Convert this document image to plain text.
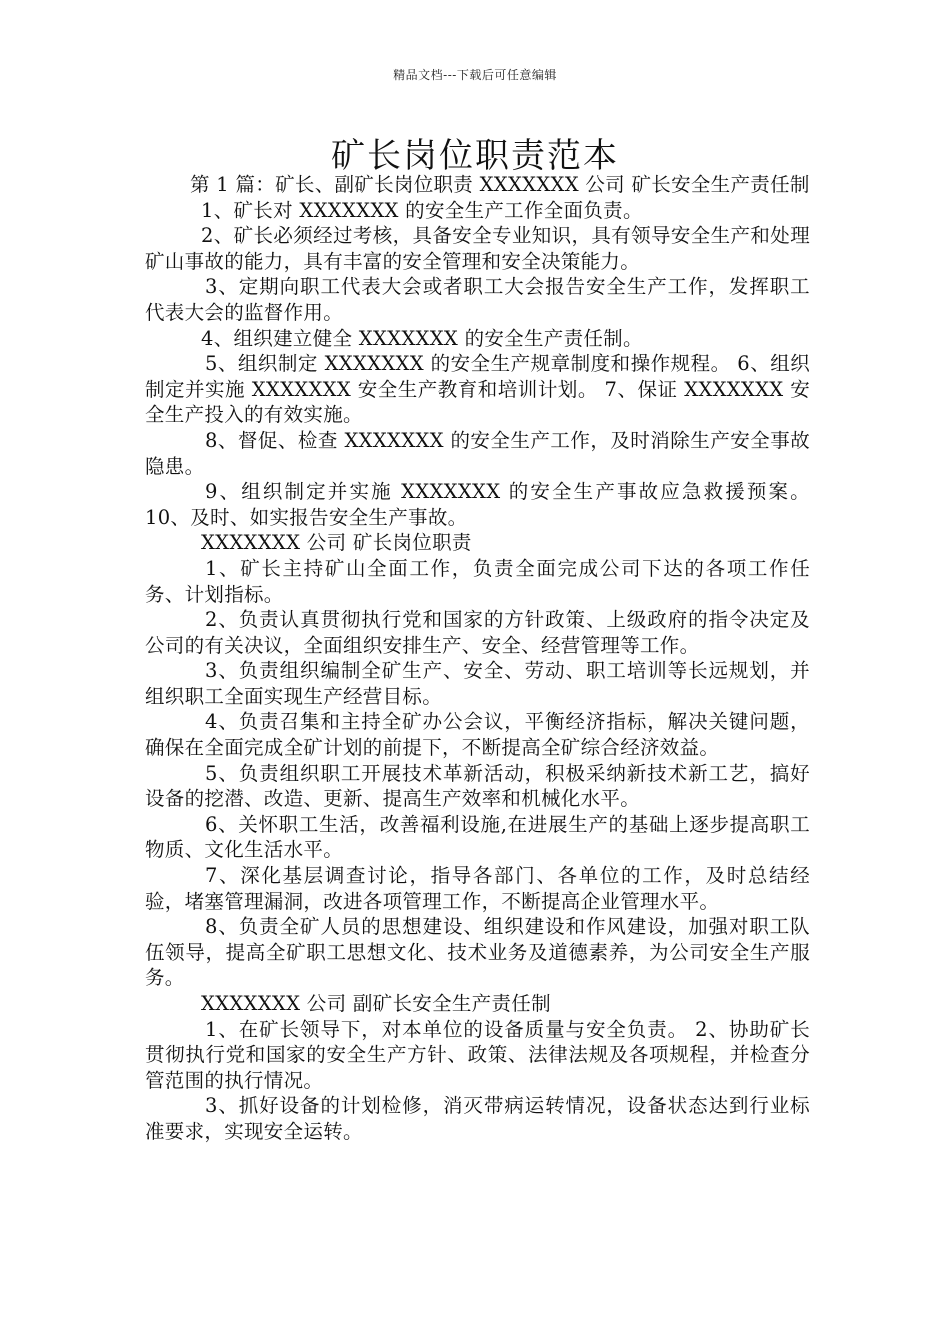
精品文档---下载后可任意编辑
矿长岗位职责范本

第 1 篇：矿长、副矿长岗位职责 XXXXXXX 公司 矿长安全生产责任制

1、矿长对 XXXXXXX 的安全生产工作全面负责。

2、矿长必须经过考核，具备安全专业知识，具有领导安全生产和处理矿山事故的能力，具有丰富的安全管理和安全决策能力。

3、定期向职工代表大会或者职工大会报告安全生产工作，发挥职工代表大会的监督作用。

4、组织建立健全 XXXXXXX 的安全生产责任制。

5、组织制定 XXXXXXX 的安全生产规章制度和操作规程。 6、组织制定并实施 XXXXXXX 安全生产教育和培训计划。 7、保证 XXXXXXX 安全生产投入的有效实施。

8、督促、检查 XXXXXXX 的安全生产工作，及时消除生产安全事故隐患。

9、组织制定并实施 XXXXXXX 的安全生产事故应急救援预案。 10、及时、如实报告安全生产事故。

XXXXXXX 公司 矿长岗位职责

1、矿长主持矿山全面工作，负责全面完成公司下达的各项工作任务、计划指标。

2、负责认真贯彻执行党和国家的方针政策、上级政府的指令决定及公司的有关决议，全面组织安排生产、安全、经营管理等工作。

3、负责组织编制全矿生产、安全、劳动、职工培训等长远规划，并组织职工全面实现生产经营目标。

4、负责召集和主持全矿办公会议，平衡经济指标，解决关键问题，确保在全面完成全矿计划的前提下，不断提高全矿综合经济效益。

5、负责组织职工开展技术革新活动，积极采纳新技术新工艺，搞好设备的挖潜、改造、更新、提高生产效率和机械化水平。

6、关怀职工生活，改善福利设施,在进展生产的基础上逐步提高职工物质、文化生活水平。

7、深化基层调查讨论，指导各部门、各单位的工作，及时总结经验，堵塞管理漏洞，改进各项管理工作，不断提高企业管理水平。

8、负责全矿人员的思想建设、组织建设和作风建设，加强对职工队伍领导，提高全矿职工思想文化、技术业务及道德素养，为公司安全生产服务。

XXXXXXX 公司 副矿长安全生产责任制

1、在矿长领导下，对本单位的设备质量与安全负责。 2、协助矿长贯彻执行党和国家的安全生产方针、政策、法律法规及各项规程，并检查分管范围的执行情况。

3、抓好设备的计划检修，消灭带病运转情况，设备状态达到行业标准要求，实现安全运转。
